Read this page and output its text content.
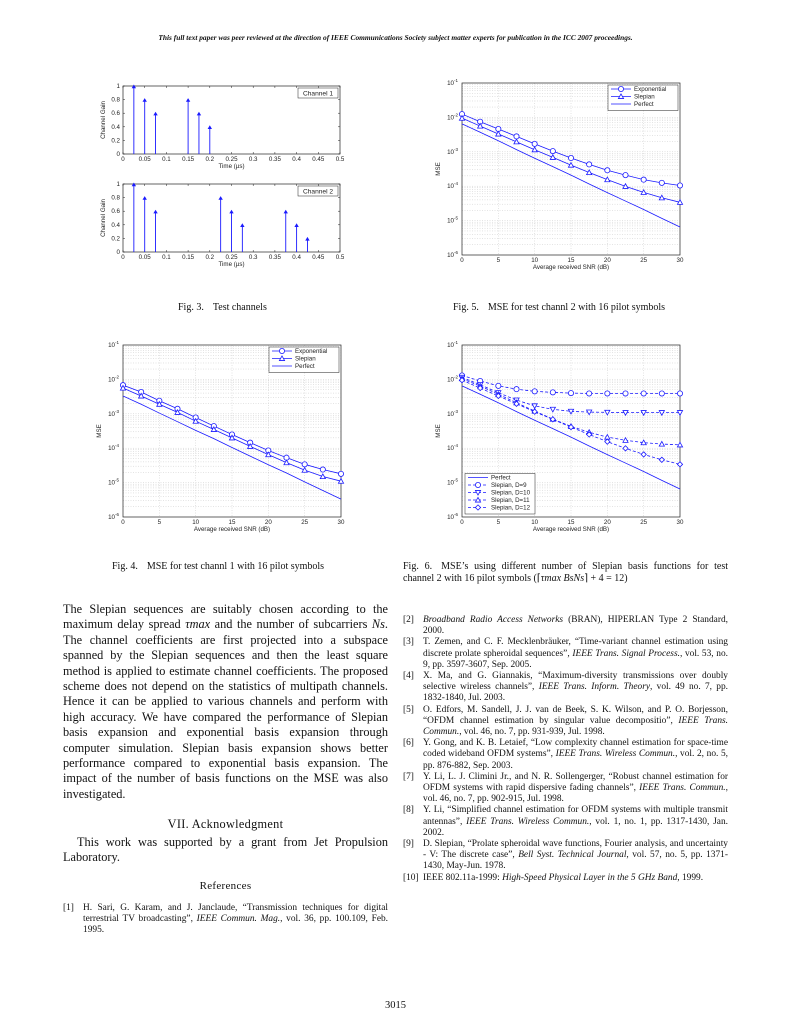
This full text paper was peer reviewed at the direction of IEEE Communications Society subject matter experts for publication in the ICC 2007 proceedings.
0 0.05 0.1 0.15 0.2 0.25 0.3 0.35 0.4 0.45 0.5
0
0.2
0.4
0.6
0.8
1
Time (µs)
Channel Gain
Channel 1
0 0.05 0.1 0.15 0.2 0.25 0.3 0.35 0.4 0.45 0.5
0
0.2
0.4
0.6
0.8
1
Time (µs)
Channel Gain
Channel 2
0	5	10	15	20	25	30
$10^{-6}$
$10^{-5}$
$10^{-4}$
$10^{-3}$
$10^{-2}$
$10^{-1}$
Average received SNR (dB)
MSE
Exponential
Slepian
Perfect
Fig. 3. Test channels	Fig. 5. MSE for test channl 2 with 16 pilot symbols
0	5	10	15	20	25	30
$10^{-6}$
$10^{-5}$
$10^{-4}$
$10^{-3}$
$10^{-2}$
$10^{-1}$
Average received SNR (dB)
MSE
Exponential
Slepian
Perfect
0	5	10	15	20	25	30
$10^{-6}$
$10^{-5}$
$10^{-4}$
$10^{-3}$
$10^{-2}$
$10^{-1}$
Average received SNR (dB)
MSE
Perfect
Slepian, D=9
Slepian, D=10
Slepian, D=11
Slepian, D=12
Fig. 4. MSE for test channl 1 with 16 pilot symbols	Fig. 6. MSE’s using different number of Slepian basis functions for test channel 2 with 16 pilot symbols (⌈τmax BsNs⌉ + 4 = 12)

The Slepian sequences are suitably chosen according to the maximum delay spread τmax and the number of subcarriers Ns. The channel coefficients are first projected into a subspace spanned by the Slepian sequences and then the least square method is applied to estimate channel coefficients. The proposed scheme does not depend on the statistics of multipath channels. Hence it can be applied to various channels and perform with high accuracy. We have compared the performance of Slepian basis expansion and exponential basis expansion through computer simulation. Slepian basis expansion shows better performance compared to exponential basis expansion. The impact of the number of basis functions on the MSE was also investigated.

VII. Acknowledgment
This work was supported by a grant from Jet Propulsion Laboratory.
References
[1] H. Sari, G. Karam, and J. Janclaude, “Transmission techniques for digital terrestrial TV broadcasting”, IEEE Commun. Mag., vol. 36, pp. 100.109, Feb. 1995.
[2] Broadband Radio Access Networks (BRAN), HIPERLAN Type 2 Standard, 2000.
[3] T. Zemen, and C. F. Mecklenbräuker, “Time-variant channel estimation using discrete prolate spheroidal sequences”, IEEE Trans. Signal Process., vol. 53, no. 9, pp. 3597-3607, Sep. 2005.
[4] X. Ma, and G. Giannakis, “Maximum-diversity transmissions over doubly selective wireless channels”, IEEE Trans. Inform. Theory, vol. 49 no. 7, pp. 1832-1840, Jul. 2003.
[5] O. Edfors, M. Sandell, J. J. van de Beek, S. K. Wilson, and P. O. Borjesson, “OFDM channel estimation by singular value decompositio”, IEEE Trans. Commun., vol. 46, no. 7, pp. 931-939, Jul. 1998.
[6] Y. Gong, and K. B. Letaief, “Low complexity channel estimation for space-time coded wideband OFDM systems”, IEEE Trans. Wireless Commun., vol. 2, no. 5, pp. 876-882, Sep. 2003.
[7] Y. Li, L. J. Climini Jr., and N. R. Sollengerger, “Robust channel estimation for OFDM systems with rapid dispersive fading channels”, IEEE Trans. Commun., vol. 46, no. 7, pp. 902-915, Jul. 1998.
[8] Y. Li, “Simplified channel estimation for OFDM systems with multiple transmit antennas”, IEEE Trans. Wireless Commun., vol. 1, no. 1, pp. 1317-1430, Jan. 2002.
[9] D. Slepian, “Prolate spheroidal wave functions, Fourier analysis, and uncertainty - V: The discrete case”, Bell Syst. Technical Journal, vol. 57, no. 5, pp. 1371-1430, May-Jun. 1978.
[10] IEEE 802.11a-1999: High-Speed Physical Layer in the 5 GHz Band, 1999.
3015
